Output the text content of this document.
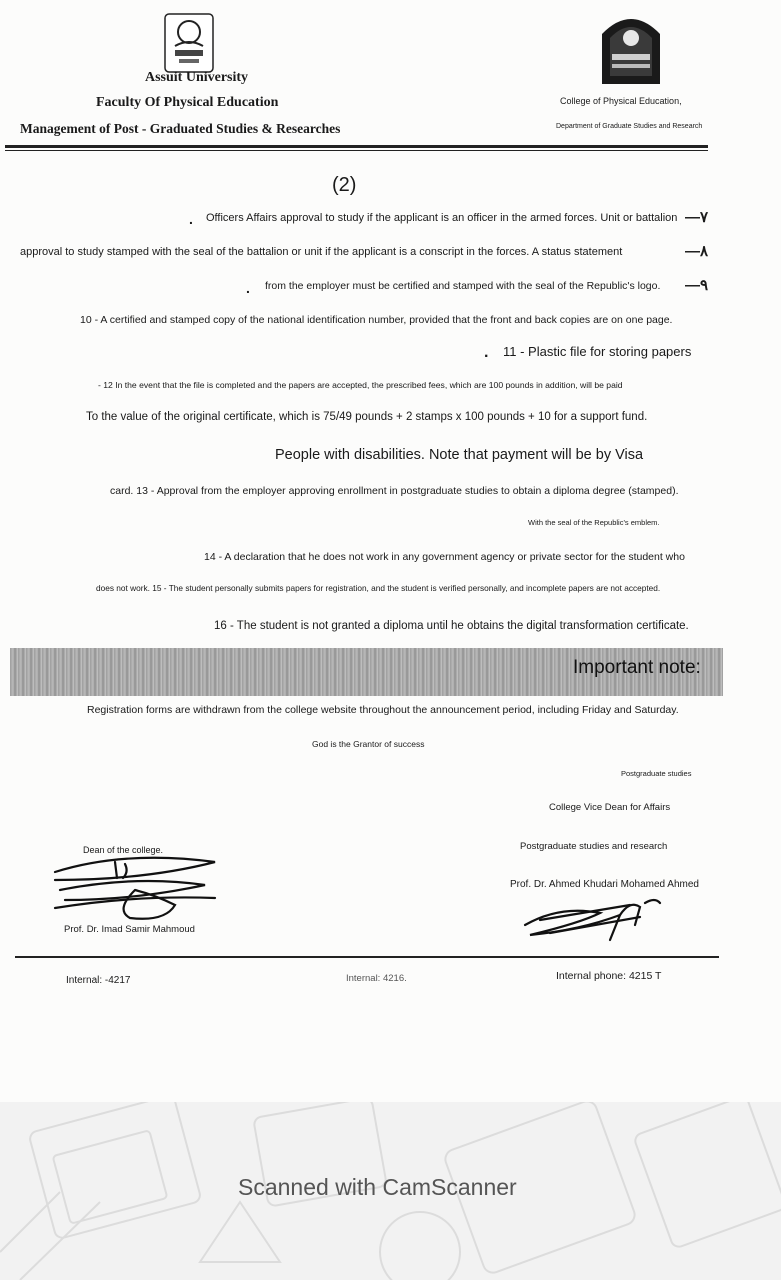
Assuit University
Faculty Of Physical Education
Management of Post - Graduated Studies & Researches
College of Physical Education,
Department of Graduate Studies and Research
(2)
. Officers Affairs approval to study if the applicant is an officer in the armed forces. Unit or battalion —٧
approval to study stamped with the seal of the battalion or unit if the applicant is a conscript in the forces. A status statement	—٨
. from the employer must be certified and stamped with the seal of the Republic's logo. —٩
10 - A certified and stamped copy of the national identification number, provided that the front and back copies are on one page.
. 11 - Plastic file for storing papers
- 12 In the event that the file is completed and the papers are accepted, the prescribed fees, which are 100 pounds in addition, will be paid
To the value of the original certificate, which is 75/49 pounds + 2 stamps x 100 pounds + 10 for a support fund.
People with disabilities. Note that payment will be by Visa
card. 13 - Approval from the employer approving enrollment in postgraduate studies to obtain a diploma degree (stamped).
With the seal of the Republic's emblem.
14 - A declaration that he does not work in any government agency or private sector for the student who
does not work. 15 - The student personally submits papers for registration, and the student is verified personally, and incomplete papers are not accepted.
16 - The student is not granted a diploma until he obtains the digital transformation certificate.
Important note:
Registration forms are withdrawn from the college website throughout the announcement period, including Friday and Saturday.
God is the Grantor of success
Postgraduate studies
College Vice Dean for Affairs
Postgraduate studies and research
Prof. Dr. Ahmed Khudari Mohamed Ahmed
Dean of the college.
Prof. Dr. Imad Samir Mahmoud
Internal: -4217	Internal: 4216.	Internal phone: 4215 T
Scanned with CamScanner
